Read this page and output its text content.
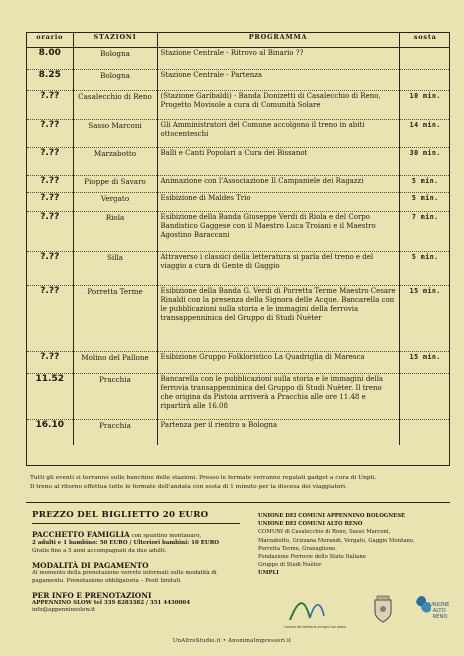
orario	STAZIONI	PROGRAMMA	sosta
8.00	Bologna	Stazione Centrale - Ritrovo al Binario ??	
8.25	Bologna	Stazione Centrale - Partenza	
?.??	Casalecchio di Reno	(Stazione Garibaldi) - Banda Donizetti di Casalecchio di Reno, Progetto Movisole a cura di Comunità Solare	10 min.
?.??	Sasso Marconi	Gli Amministratori del Comune accolgono il treno in abiti ottocenteschi	14 min.
?.??	Marzabotto	Balli e Canti Popolari a Cura dei Bissanot	30 min.
?.??	Pioppe di Savaro	Animazione con l'Associazione Il Campaniele dei Ragazzi	5 min.
?.??	Vergato	Esibizione di Maldes Trio	5 min.
?.??	Riola	Esibizione della Banda Giuseppe Verdi di Riola e del Corpo Bandistico Gaggese con il Maestro Luca Troiani e il Maestro Agostino Baraccani	7 min.
?.??	Silla	Attraverso i classici della letteratura si parla del treno e del viaggio a cura di Gente di Gaggio	5 min.
?.??	Porretta Terme	Esibizione della Banda G. Verdi di Porretta Terme Maestro Cesare Rinaldi con la presenza della Signora delle Acque. Bancarella con le pubblicazioni sulla storia e le immagini della ferrovia transappenninica del Gruppo di Studi Nuèter	15 min.
?.??	Molino del Pallone	Esibizione Gruppo Folkloristico La Quadriglia di Maresca	15 min.
11.52	Pracchia	Bancarella con le pubblicazioni sulla storia e le immagini della ferrovia transappenninica del Gruppo di Studi Nuèter. Il treno che origina da Pistoia arriverà a Pracchia alle ore 11.48 e ripartirà alle 16.08	
16.10	Pracchia	Partenza per il rientro a Bologna	
Tutti gli eventi si terranno sulle banchine delle stazioni. Presso le fermate verranno regalati gadget a cura di Unpli.
Il treno al ritorno effettua tutte le fermate dell'andata con sosta di 1 minuto per la discesa dei viaggiatori.
PREZZO DEL BIGLIETTO 20 EURO
PACCHETTO FAMIGLIA con spuntino montanaro,
2 adulti e 1 bambino: 50 EURO / Ulteriori bambini: 10 EURO
Gratis fino a 5 anni accompagnati da due adulti.
MODALITÀ DI PAGAMENTO
Al momento della prenotazione verrete informati sulle modalità di
pagamento. Prenotazione obbligatoria – Posti limitati
PER INFO E PRENOTAZIONI
APPENNINO SLOW tel 339 8283382 / 351 4430004
info@appenninoslow.it
UNIONE DEI COMUNI APPENNINO BOLOGNESE
UNIONE DEI COMUNI ALTO RENO
COMUNI di Casalecchio di Reno, Sasso Marconi,
Marzabotto, Grizzana Morandi, Vergato, Gaggio Montano,
Porretta Terme, Granaglione.
Fondazione Ferrovie dello Stato Italiane
Gruppo di Studi Nuèter
UMPLI
l'anima del territorio ad ogni tuo passo
UNIONE ALTO RENO
UnAltroStudio.it • AnonimaImpressori.it
